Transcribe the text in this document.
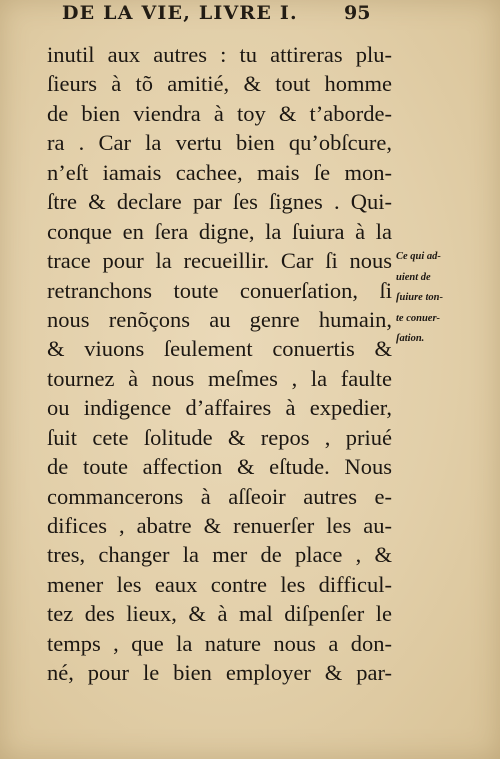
DE LA VIE, LIVRE I.	95
inutil aux autres : tu attireras plu-
ſieurs à tõ amitié, & tout homme
de bien viendra à toy & t’aborde-
ra . Car la vertu bien qu’obſcure,
n’eſt iamais cachee, mais ſe mon-
ſtre & declare par ſes ſignes . Qui-
conque en ſera digne, la ſuiura à la
trace pour la recueillir. Car ſi nous
retranchons toute conuerſation, ſi
nous renõçons au genre humain,
& viuons ſeulement conuertis &
tournez à nous meſmes , la faulte
ou indigence d’affaires à expedier,
ſuit cete ſolitude & repos , priué
de toute affection & eſtude. Nous
commancerons à aſſeoir autres e-
difices , abatre & renuerſer les au-
tres, changer la mer de place , &
mener les eaux contre les difficul-
tez des lieux, & à mal diſpenſer le
temps , que la nature nous a don-
né, pour le bien employer & par-
Ce qui ad-
uient de
ſuiure ton-
te conuer-
ſation.
